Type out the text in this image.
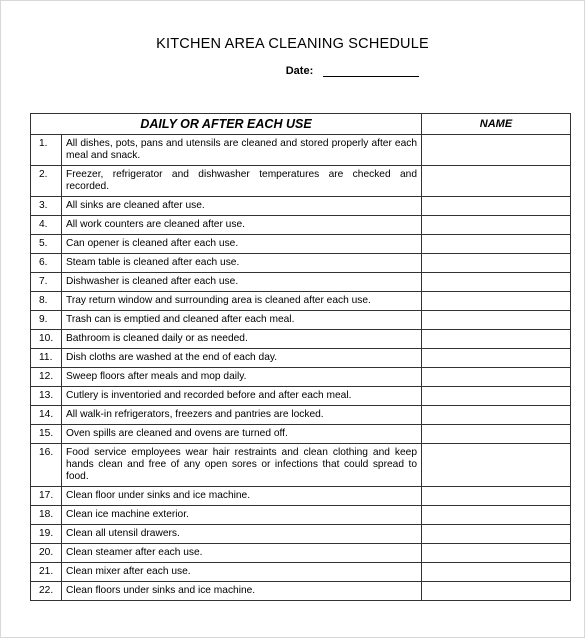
KITCHEN AREA CLEANING SCHEDULE
Date:
DAILY OR AFTER EACH USE		NAME
1.	All dishes, pots, pans and utensils are cleaned and stored properly after each meal and snack.	
2.	Freezer, refrigerator and dishwasher temperatures are checked and recorded.	
3.	All sinks are cleaned after use.	
4.	All work counters are cleaned after use.	
5.	Can opener is cleaned after each use.	
6.	Steam table is cleaned after each use.	
7.	Dishwasher is cleaned after each use.	
8.	Tray return window and surrounding area is cleaned after each use.	
9.	Trash can is emptied and cleaned after each meal.	
10.	Bathroom is cleaned daily or as needed.	
11.	Dish cloths are washed at the end of each day.	
12.	Sweep floors after meals and mop daily.	
13.	Cutlery is inventoried and recorded before and after each meal.	
14.	All walk-in refrigerators, freezers and pantries are locked.	
15.	Oven spills are cleaned and ovens are turned off.	
16.	Food service employees wear hair restraints and clean clothing and keep hands clean and free of any open sores or infections that could spread to food.	
17.	Clean floor under sinks and ice machine.	
18.	Clean ice machine exterior.	
19.	Clean all utensil drawers.	
20.	Clean steamer after each use.	
21.	Clean mixer after each use.	
22.	Clean floors under sinks and ice machine.	
